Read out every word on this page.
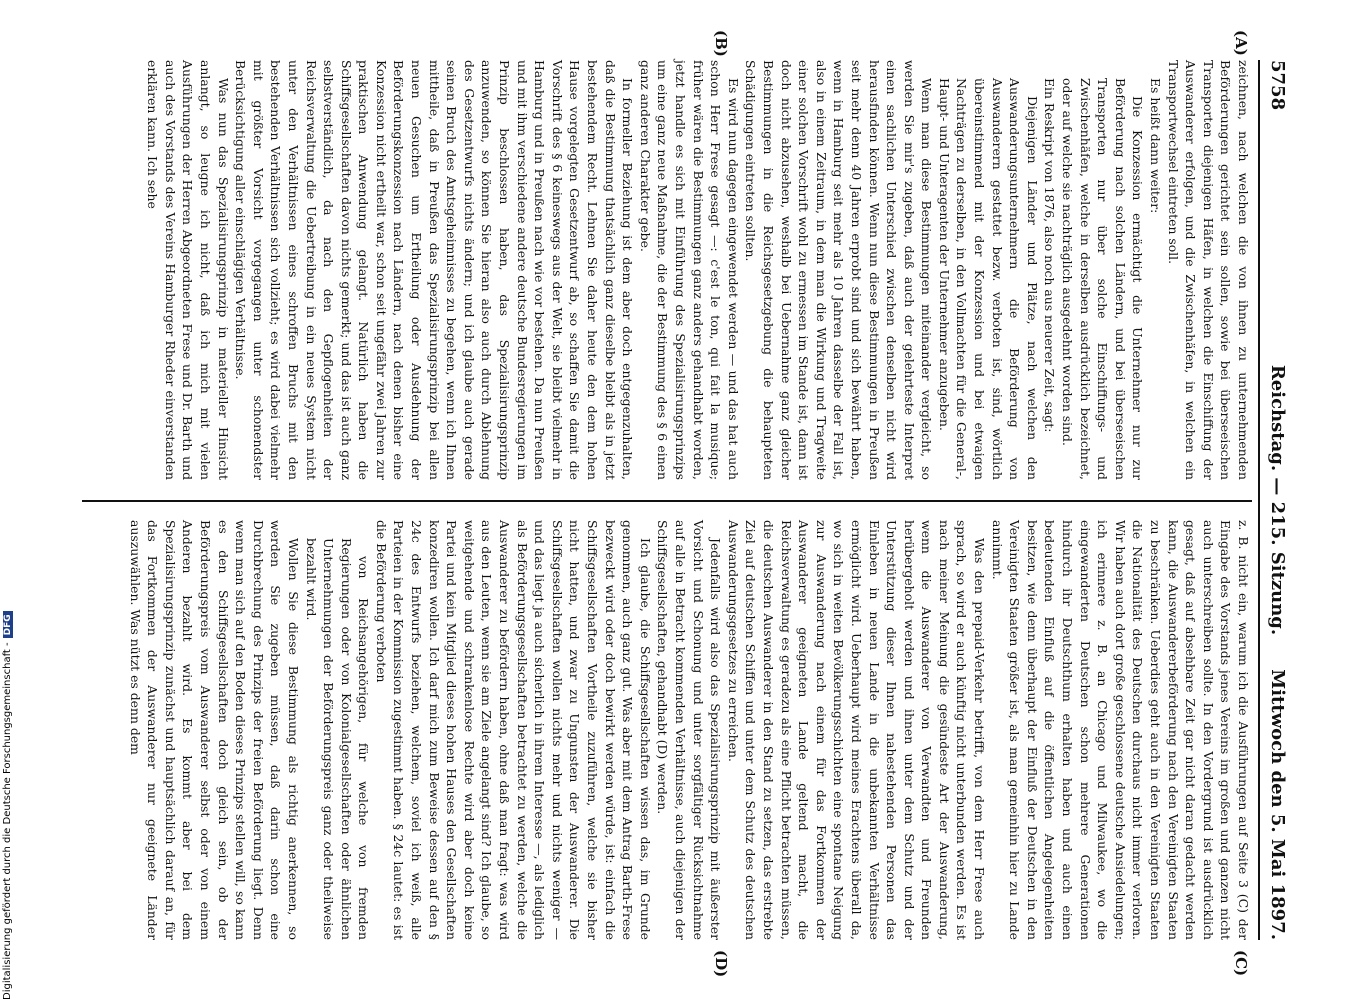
5758
Reichstag. — 215. Sitzung.
Mittwoch den 5. Mai 1897.
(A)
(B)
(C)
(D)

zeichnen, nach welchen die von ihnen zu unternehmenden Beförderungen gerichtet sein sollen, sowie bei überseeischen Transporten diejenigen Häfen, in welchen die Einschiffung der Auswanderer erfolgen, und die Zwischenhäfen, in welchen ein Transportwechsel eintreten soll.

Es heißt dann weiter:

Die Konzession ermächtigt die Unternehmer nur zur Beförderung nach solchen Ländern, und bei überseeischen Transporten nur über solche Einschiffungs- und Zwischenhäfen, welche in derselben ausdrücklich bezeichnet, oder auf welche sie nachträglich ausgedehnt worden sind.

Ein Reskript von 1876, also noch aus neuerer Zeit, sagt:

Diejenigen Länder und Plätze, nach welchen den Auswanderungsunternehmern die Beförderung von Auswanderern gestattet bezw. verboten ist, sind, wörtlich übereinstimmend mit der Konzession und bei etwaigen Nachträgen zu derselben, in den Vollmachten für die General-, Haupt- und Unteragenten der Unternehmer anzugeben.

Wenn man diese Bestimmungen miteinander vergleicht, so werden Sie mir's zugeben, daß auch der gelehrteste Interpret einen sachlichen Unterschied zwischen denselben nicht wird herausfinden können. Wenn nun diese Bestimmungen in Preußen seit mehr denn 40 Jahren erprobt sind und sich bewährt haben, wenn in Hamburg seit mehr als 10 Jahren dasselbe der Fall ist, also in einem Zeitraum, in dem man die Wirkung und Tragweite einer solchen Vorschrift wohl zu ermessen im Stande ist, dann ist doch nicht abzusehen, weshalb bei Uebernahme ganz gleicher Bestimmungen in die Reichsgesetzgebung die behaupteten Schädigungen eintreten sollten.

Es wird nun dagegen eingewendet werden — und das hat auch schon Herr Frese gesagt —: c'est le ton, qui fait la musique; früher wären die Bestimmungen ganz anders gehandhabt worden, jetzt handle es sich mit Einführung des Spezialisirungsprinzips um eine ganz neue Maßnahme, die der Bestimmung des § 6 einen ganz anderen Charakter gebe.

In formeller Beziehung ist dem aber doch entgegenzuhalten, daß die Bestimmung thatsächlich ganz dieselbe bleibt als in jetzt bestehendem Recht. Lehnen Sie daher heute den dem hohen Hause vorgelegten Gesetzentwurf ab, so schaffen Sie damit die Vorschrift des § 6 keineswegs aus der Welt, sie bleibt vielmehr in Hamburg und in Preußen nach wie vor bestehen. Da nun Preußen und mit ihm verschiedene andere deutsche Bundesregierungen im Prinzip beschlossen haben, das Spezialisirungsprinzip anzuwenden, so können Sie hieran also auch durch Ablehnung des Gesetzentwurfs nichts ändern; und ich glaube auch gerade seinen Bruch des Amtsgeheimnisses zu begehen, wenn ich Ihnen mittheile, daß in Preußen das Spezialisirungsprinzip bei allen neuen Gesuchen um Ertheilung oder Ausdehnung der Beförderungskonzession nach Ländern, nach denen bisher eine Konzession nicht ertheilt war, schon seit ungefähr zwei Jahren zur praktischen Anwendung gelangt. Natürlich haben die Schiffsgesellschaften davon nichts gemerkt; und das ist auch ganz selbstverständlich, da nach den Gepflogenheiten der Reichsverwaltung die Uebertreibung in ein neues System nicht unter den Verhältnissen eines schroffen Bruchs mit den bestehenden Verhältnissen sich vollzieht; es wird dabei vielmehr mit größter Vorsicht vorgegangen unter schonendster Berücksichtigung aller einschlägigen Verhältnisse.

Was nun das Spezialisirungsprinzip in materieller Hinsicht anlangt, so leugne ich nicht, daß ich mich mit vielen Ausführungen der Herren Abgeordneten Frese und Dr. Barth und auch des Vorstands des Vereins Hamburger Rheder einverstanden erklären kann. Ich sehe

z. B. nicht ein, warum ich die Ausführungen auf Seite 3 (C) der Eingabe des Vorstands jenes Vereins im großen und ganzen nicht auch unterschreiben sollte. In den Vordergrund ist ausdrücklich gesagt, daß auf absehbare Zeit gar nicht daran gedacht werden kann, die Auswandererbeförderung nach den Vereinigten Staaten zu beschränken. Ueberdies geht auch in den Vereinigten Staaten die Nationalität des Deutschen durchaus nicht immer verloren. Wir haben auch dort große geschlossene deutsche Ansiedelungen; ich erinnere z. B. an Chicago und Milwaukee, wo die eingewanderten Deutschen schon mehrere Generationen hindurch ihr Deutschthum erhalten haben und auch einen bedeutenden Einfluß auf die öffentlichen Angelegenheiten besitzen, wie denn überhaupt der Einfluß der Deutschen in den Vereinigten Staaten größer ist, als man gemeinhin hier zu Lande annimmt.

Was den prepaid-Verkehr betrifft, von dem Herr Frese auch sprach, so wird er auch künftig nicht unterbunden werden. Es ist nach meiner Meinung die gesündeste Art der Auswanderung, wenn die Auswanderer von Verwandten und Freunden herübergeholt werden und ihnen unter dem Schutz und der Unterstützung dieser Ihnen nahestehenden Personen das Einleben in neuen Lande in die unbekannten Verhältnisse ermöglicht wird. Ueberhaupt wird meines Erachtens überall da, wo sich in weiten Bevölkerungsschichten eine spontane Neigung zur Auswanderung nach einem für das Fortkommen der Auswanderer geeigneten Lande geltend macht, die Reichsverwaltung es geradezu als eine Pflicht betrachten müssen, die deutschen Auswanderer in den Stand zu setzen, das erstrebte Ziel auf deutschen Schiffen und unter dem Schutz des deutschen Auswanderungsgesetzes zu erreichen.

Jedenfalls wird also das Spezialisirungsprinzip mit äußerster Vorsicht und Schonung und unter sorgfältiger Rücksichtnahme auf alle in Betracht kommenden Verhältnisse, auch diejenigen der Schiffsgesellschaften, gehandhabt (D) werden.

Ich glaube, die Schiffsgesellschaften wissen das, im Grunde genommen, auch ganz gut. Was aber mit dem Antrag Barth-Frese bezweckt wird oder doch bewirkt werden würde, ist: einfach die Schiffsgesellschaften Vortheile zuzuführen, welche sie bisher nicht hatten, und zwar zu Ungunsten der Auswanderer. Die Schiffsgesellschaften wollen nichts mehr und nichts weniger — und das liegt ja auch sicherlich in ihrem Interesse —, als lediglich als Beförderungsgesellschaften betrachtet zu werden, welche die Auswanderer zu befördern haben, ohne daß man fragt: was wird aus den Leuten, wenn sie am Ziele angelangt sind? Ich glaube, so weitgehende und schrankenlose Rechte wird aber doch keine Partei und kein Mitglied dieses hohen Hauses den Gesellschaften konzediren wollen. Ich darf mich zum Beweise dessen auf den § 24c des Entwurfs beziehen, welchem, soviel ich weiß, alle Parteien in der Kommission zugestimmt haben. § 24c lautet: es ist die Beförderung verboten

von Reichsangehörigen, für welche von fremden Regierungen oder von Kolonialgesellschaften oder ähnlichen Unternehmungen der Beförderungspreis ganz oder theilweise bezahlt wird.

Wollen Sie diese Bestimmung als richtig anerkennen, so werden Sie zugeben müssen, daß darin schon eine Durchbrechung des Prinzips der freien Beförderung liegt. Denn wenn man sich auf den Boden dieses Prinzips stellen will, so kann es den Schiffsgesellschaften doch gleich sein, ob der Beförderungspreis vom Auswanderer selbst oder von einem Anderen bezahlt wird. Es kommt aber bei dem Spezialisirungsprinzip zunächst und hauptsächlich darauf an, für das Fortkommen der Auswanderer nur geeignete Länder auszuwählen. Was nützt es denn dem

Digitalisierung gefördert durch die Deutsche Forschungsgemeinschaft -DFG
